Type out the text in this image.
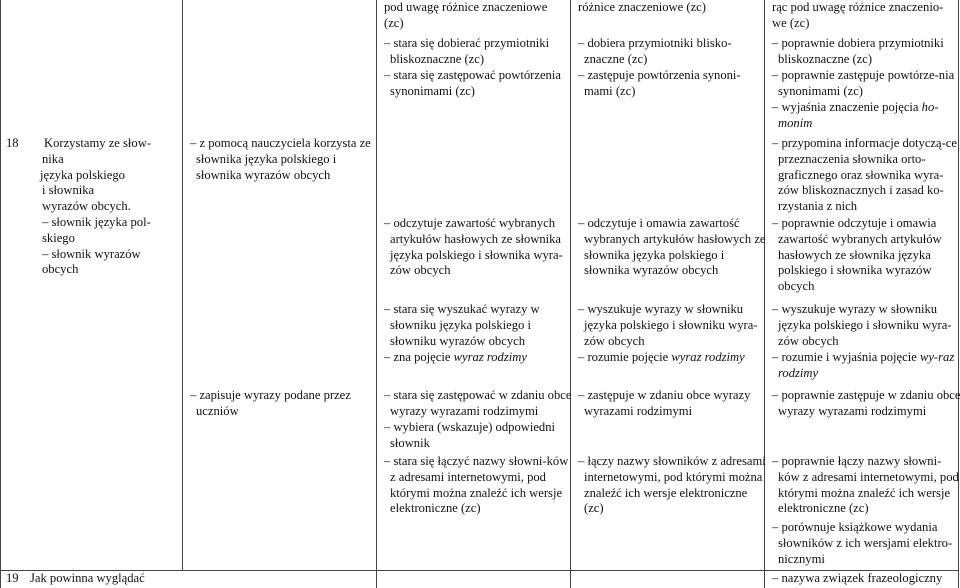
18
19
Korzystamy ze słow-
nika
języka polskiego
i słownika
wyrazów obcych.
– słownik języka pol-skiego
– słownik wyrazów obcych
Jak powinna wyglądać
– z pomocą nauczyciela korzysta ze słownika języka polskiego i słownika wyrazów obcych
– zapisuje wyrazy podane przez uczniów
pod uwagę różnice znaczeniowe
(zc)
– stara się dobierać przymiotniki bliskoznaczne (zc)
– stara się zastępować powtórzenia synonimami (zc)
– odczytuje zawartość wybranych artykułów hasłowych ze słownika języka polskiego i słownika wyra-zów obcych
– stara się wyszukać wyrazy w słowniku języka polskiego i słowniku wyrazów obcych
– zna pojęcie wyraz rodzimy
– stara się zastępować w zdaniu obce wyrazy wyrazami rodzimymi
– wybiera (wskazuje) odpowiedni słownik
– stara się łączyć nazwy słowni-ków z adresami internetowymi, pod którymi można znaleźć ich wersje elektroniczne (zc)
różnice znaczeniowe (zc)
– dobiera przymiotniki blisko-znaczne (zc)
– zastępuje powtórzenia synoni-mami (zc)
– odczytuje i omawia zawartość wybranych artykułów hasłowych ze słownika języka polskiego i słownika wyrazów obcych
– wyszukuje wyrazy w słowniku języka polskiego i słowniku wyra-zów obcych
– rozumie pojęcie wyraz rodzimy
– zastępuje w zdaniu obce wyrazy wyrazami rodzimymi
– łączy nazwy słowników z adresami internetowymi, pod którymi można znaleźć ich wersje elektroniczne (zc)
rąc pod uwagę różnice znaczenio-
we (zc)
– poprawnie dobiera przymiotniki bliskoznaczne (zc)
– poprawnie zastępuje powtórze-nia synonimami (zc)
– wyjaśnia znaczenie pojęcia ho-monim
– przypomina informacje dotyczą-ce przeznaczenia słownika orto-graficznego oraz słownika wyra-zów bliskoznacznych i zasad ko-rzystania z nich
– poprawnie odczytuje i omawia zawartość wybranych artykułów hasłowych ze słownika języka polskiego i słownika wyrazów obcych
– wyszukuje wyrazy w słowniku języka polskiego i słowniku wyra-zów obcych
– rozumie i wyjaśnia pojęcie wy-raz rodzimy
– poprawnie zastępuje w zdaniu obce wyrazy wyrazami rodzimymi
– poprawnie łączy nazwy słowni-ków z adresami internetowymi, pod którymi można znaleźć ich wersje elektroniczne (zc)
– porównuje książkowe wydania słowników z ich wersjami elektro-nicznymi
– nazywa związek frazeologiczny
